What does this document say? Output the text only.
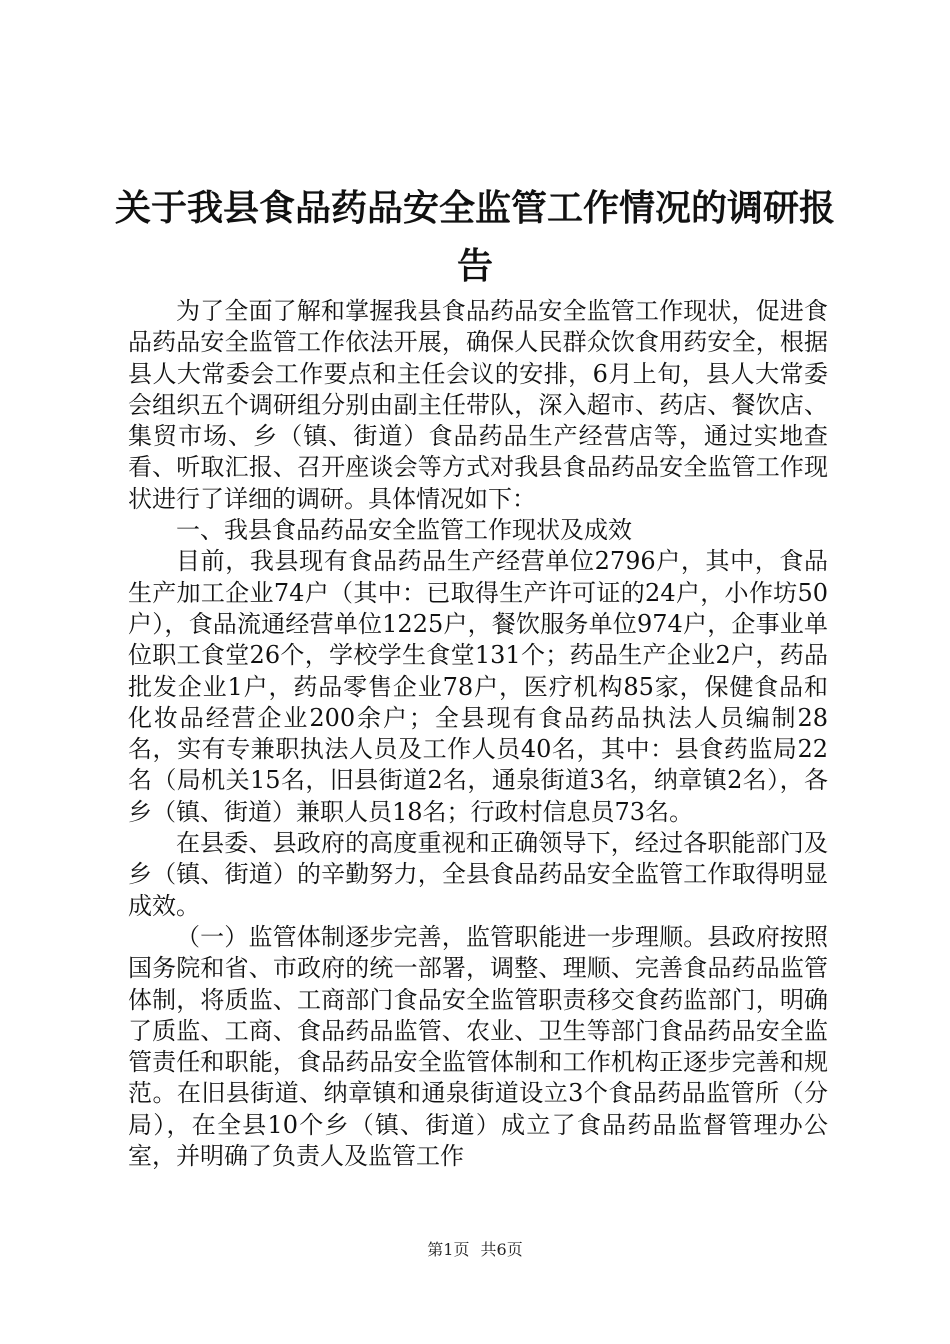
关于我县食品药品安全监管工作情况的调研报告

为了全面了解和掌握我县食品药品安全监管工作现状，促进食品药品安全监管工作依法开展，确保人民群众饮食用药安全，根据县人大常委会工作要点和主任会议的安排，6月上旬，县人大常委会组织五个调研组分别由副主任带队，深入超市、药店、餐饮店、集贸市场、乡（镇、街道）食品药品生产经营店等，通过实地查看、听取汇报、召开座谈会等方式对我县食品药品安全监管工作现状进行了详细的调研。具体情况如下：

一、我县食品药品安全监管工作现状及成效

目前，我县现有食品药品生产经营单位2796户，其中，食品生产加工企业74户（其中：已取得生产许可证的24户，小作坊50户），食品流通经营单位1225户，餐饮服务单位974户，企事业单位职工食堂26个，学校学生食堂131个；药品生产企业2户，药品批发企业1户，药品零售企业78户，医疗机构85家，保健食品和化妆品经营企业200余户；全县现有食品药品执法人员编制28名，实有专兼职执法人员及工作人员40名，其中：县食药监局22名（局机关15名，旧县街道2名，通泉街道3名，纳章镇2名），各乡（镇、街道）兼职人员18名；行政村信息员73名。

在县委、县政府的高度重视和正确领导下，经过各职能部门及乡（镇、街道）的辛勤努力，全县食品药品安全监管工作取得明显成效。

（一）监管体制逐步完善，监管职能进一步理顺。县政府按照国务院和省、市政府的统一部署，调整、理顺、完善食品药品监管体制，将质监、工商部门食品安全监管职责移交食药监部门，明确了质监、工商、食品药品监管、农业、卫生等部门食品药品安全监管责任和职能，食品药品安全监管体制和工作机构正逐步完善和规范。在旧县街道、纳章镇和通泉街道设立3个食品药品监管所（分局），在全县10个乡（镇、街道）成立了食品药品监督管理办公室，并明确了负责人及监管工作

第1页 共6页
